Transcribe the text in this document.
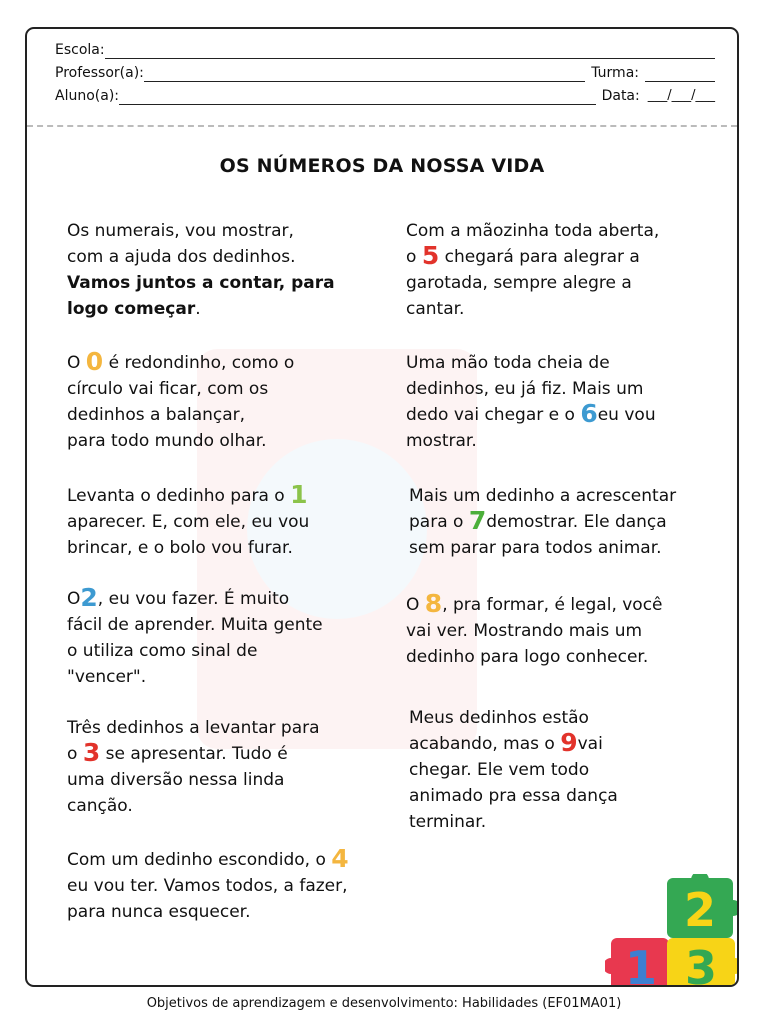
Escola:
Professor(a):	Turma:
Aluno(a):	Data: ___/___/___
OS NÚMEROS DA NOSSA VIDA
Os numerais, vou mostrar,
com a ajuda dos dedinhos.
Vamos juntos a contar, para
logo começar.
O 0 é redondinho, como o
círculo vai ficar, com os
dedinhos a balançar,
para todo mundo olhar.
Levanta o dedinho para o 1
aparecer. E, com ele, eu vou
brincar, e o bolo vou furar.
O2, eu vou fazer. É muito
fácil de aprender. Muita gente
o utiliza como sinal de
"vencer".
Três dedinhos a levantar para
o 3 se apresentar. Tudo é
uma diversão nessa linda
canção.
Com um dedinho escondido, o 4
eu vou ter. Vamos todos, a fazer,
para nunca esquecer.
Com a mãozinha toda aberta,
o 5 chegará para alegrar a
garotada, sempre alegre a
cantar.
Uma mão toda cheia de
dedinhos, eu já fiz. Mais um
dedo vai chegar e o 6eu vou
mostrar.
Mais um dedinho a acrescentar
para o 7demostrar. Ele dança
sem parar para todos animar.
O 8, pra formar, é legal, você
vai ver. Mostrando mais um
dedinho para logo conhecer.
Meus dedinhos estão
acabando, mas o 9vai
chegar. Ele vem todo
animado pra essa dança
terminar.
2
1 3
Objetivos de aprendizagem e desenvolvimento: Habilidades (EF01MA01)
